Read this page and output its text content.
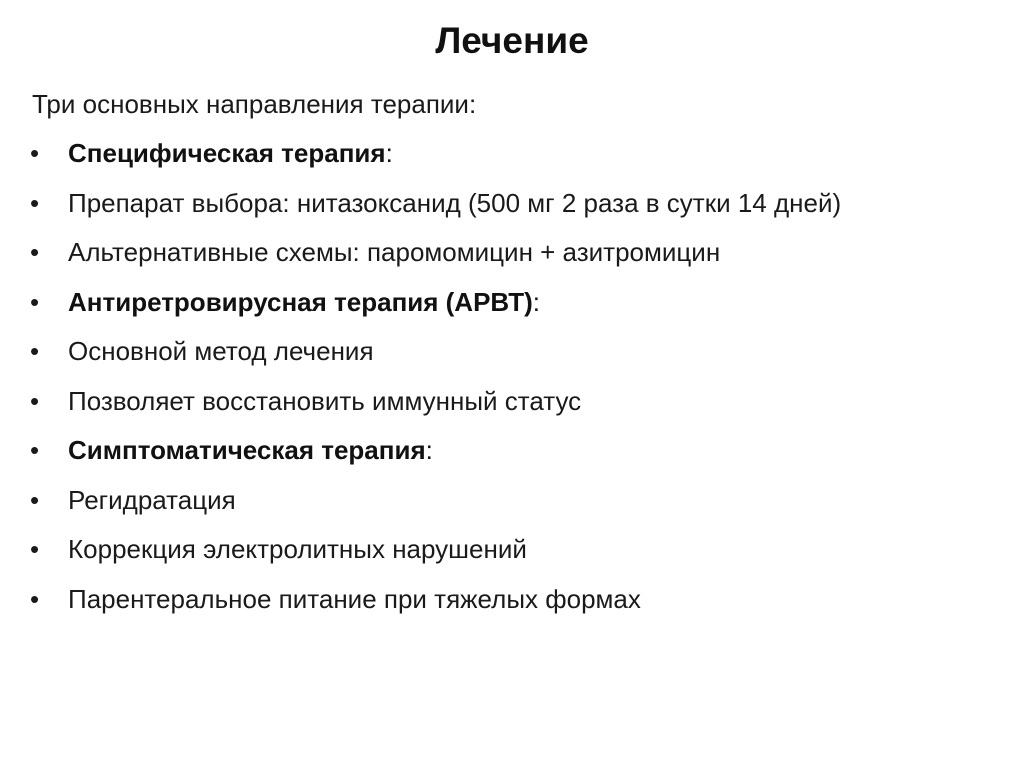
Лечение
Три основных направления терапии:
• Специфическая терапия:
• Препарат выбора: нитазоксанид (500 мг 2 раза в сутки 14 дней)
• Альтернативные схемы: паромомицин + азитромицин
• Антиретровирусная терапия (АРВТ):
• Основной метод лечения
• Позволяет восстановить иммунный статус
• Симптоматическая терапия:
• Регидратация
• Коррекция электролитных нарушений
• Парентеральное питание при тяжелых формах
